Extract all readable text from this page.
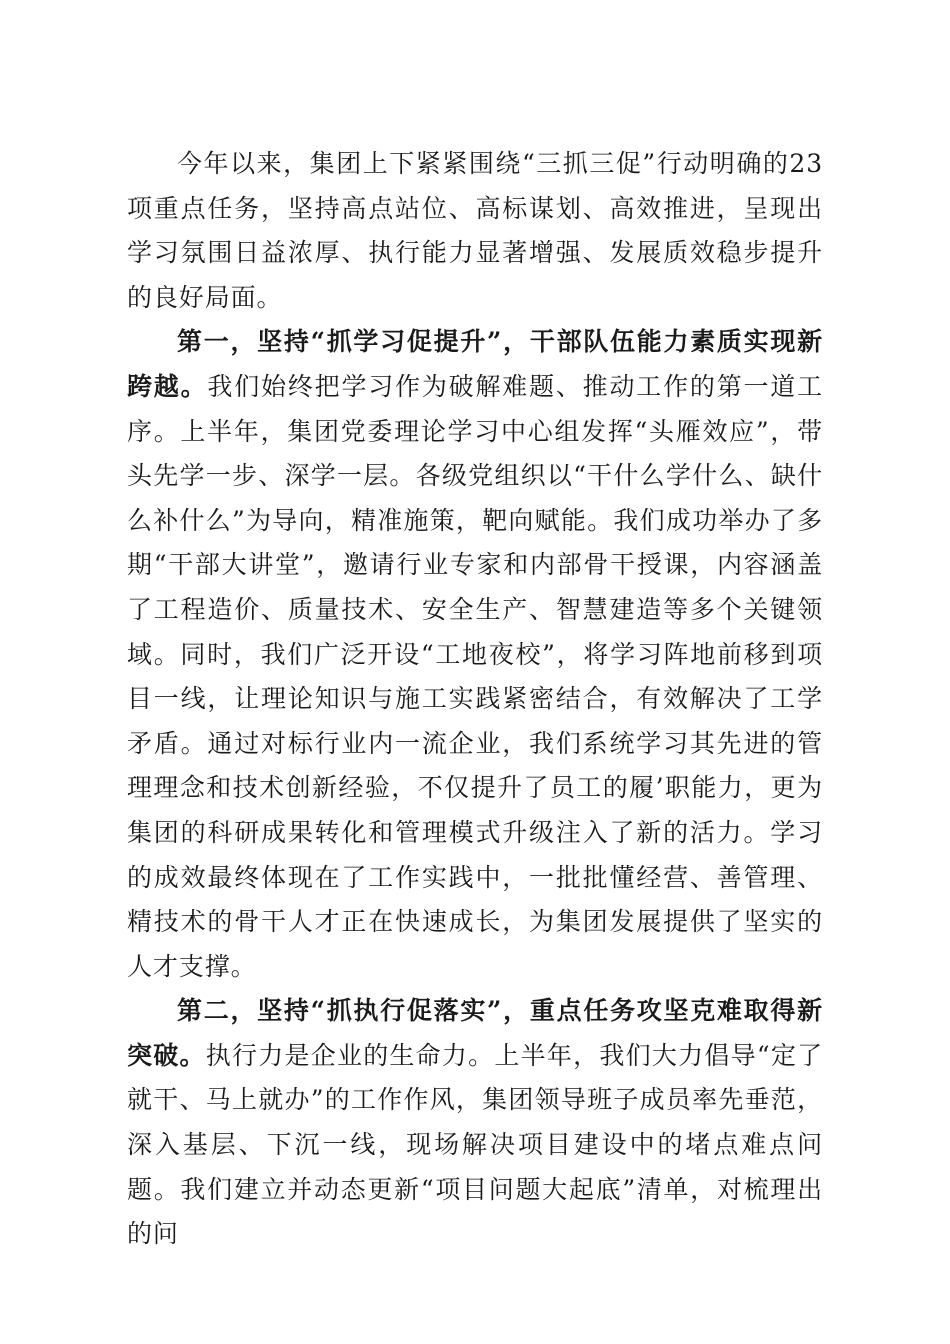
今年以来，集团上下紧紧围绕“三抓三促”行动明确的23项重点任务，坚持高点站位、高标谋划、高效推进，呈现出学习氛围日益浓厚、执行能力显著增强、发展质效稳步提升的良好局面。

第一，坚持“抓学习促提升”，干部队伍能力素质实现新跨越。我们始终把学习作为破解难题、推动工作的第一道工序。上半年，集团党委理论学习中心组发挥“头雁效应”，带头先学一步、深学一层。各级党组织以“干什么学什么、缺什么补什么”为导向，精准施策，靶向赋能。我们成功举办了多期“干部大讲堂”，邀请行业专家和内部骨干授课，内容涵盖了工程造价、质量技术、安全生产、智慧建造等多个关键领域。同时，我们广泛开设“工地夜校”，将学习阵地前移到项目一线，让理论知识与施工实践紧密结合，有效解决了工学矛盾。通过对标行业内一流企业，我们系统学习其先进的管理理念和技术创新经验，不仅提升了员工的履’职能力，更为集团的科研成果转化和管理模式升级注入了新的活力。学习的成效最终体现在了工作实践中，一批批懂经营、善管理、精技术的骨干人才正在快速成长，为集团发展提供了坚实的人才支撑。

第二，坚持“抓执行促落实”，重点任务攻坚克难取得新突破。执行力是企业的生命力。上半年，我们大力倡导“定了就干、马上就办”的工作作风，集团领导班子成员率先垂范，深入基层、下沉一线，现场解决项目建设中的堵点难点问题。我们建立并动态更新“项目问题大起底”清单，对梳理出的问
